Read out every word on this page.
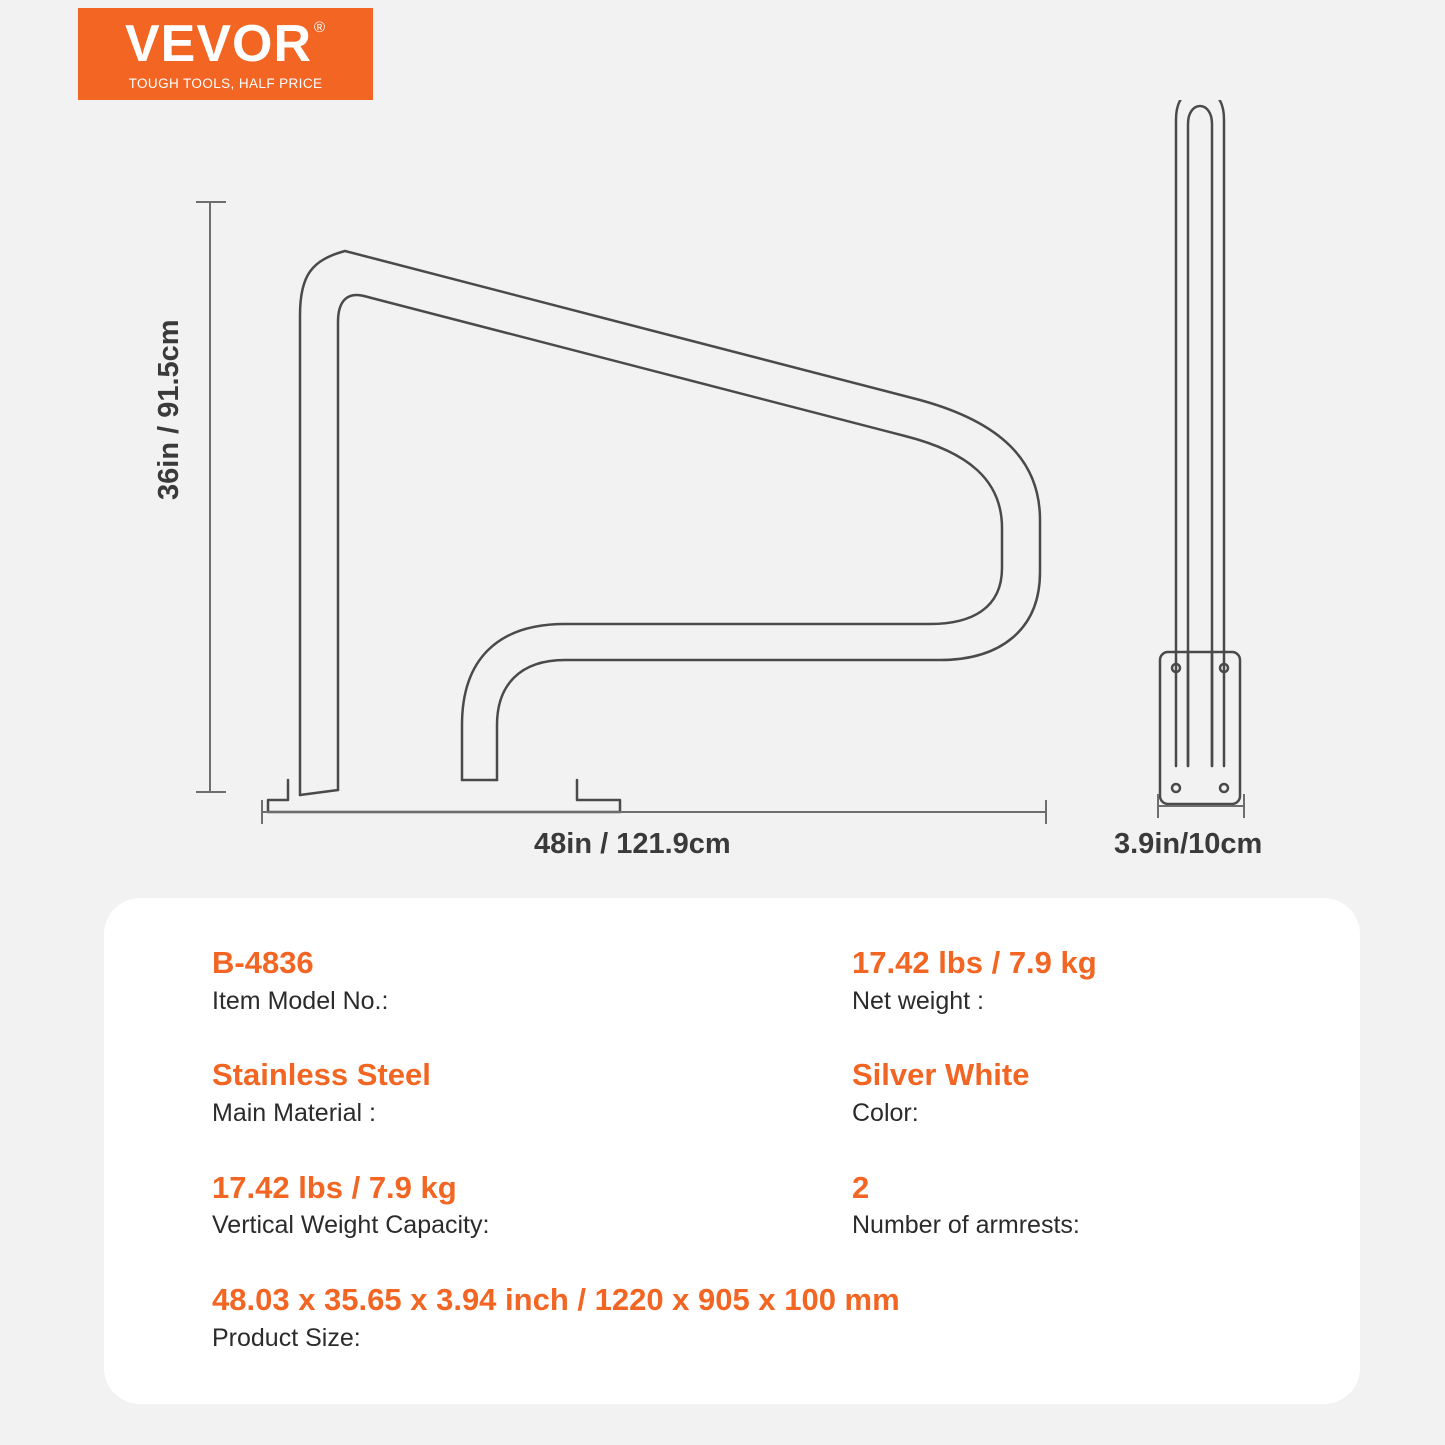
VEVOR ®
TOUGH TOOLS, HALF PRICE
36in / 91.5cm
48in / 121.9cm	3.9in/10cm
B-4836
Item Model No.:
17.42 lbs / 7.9 kg
Net weight :
Stainless Steel
Main Material :
Silver White
Color:
17.42 lbs / 7.9 kg
Vertical Weight Capacity:
2
Number of armrests:
48.03 x 35.65 x 3.94 inch / 1220 x 905 x 100 mm
Product Size:
